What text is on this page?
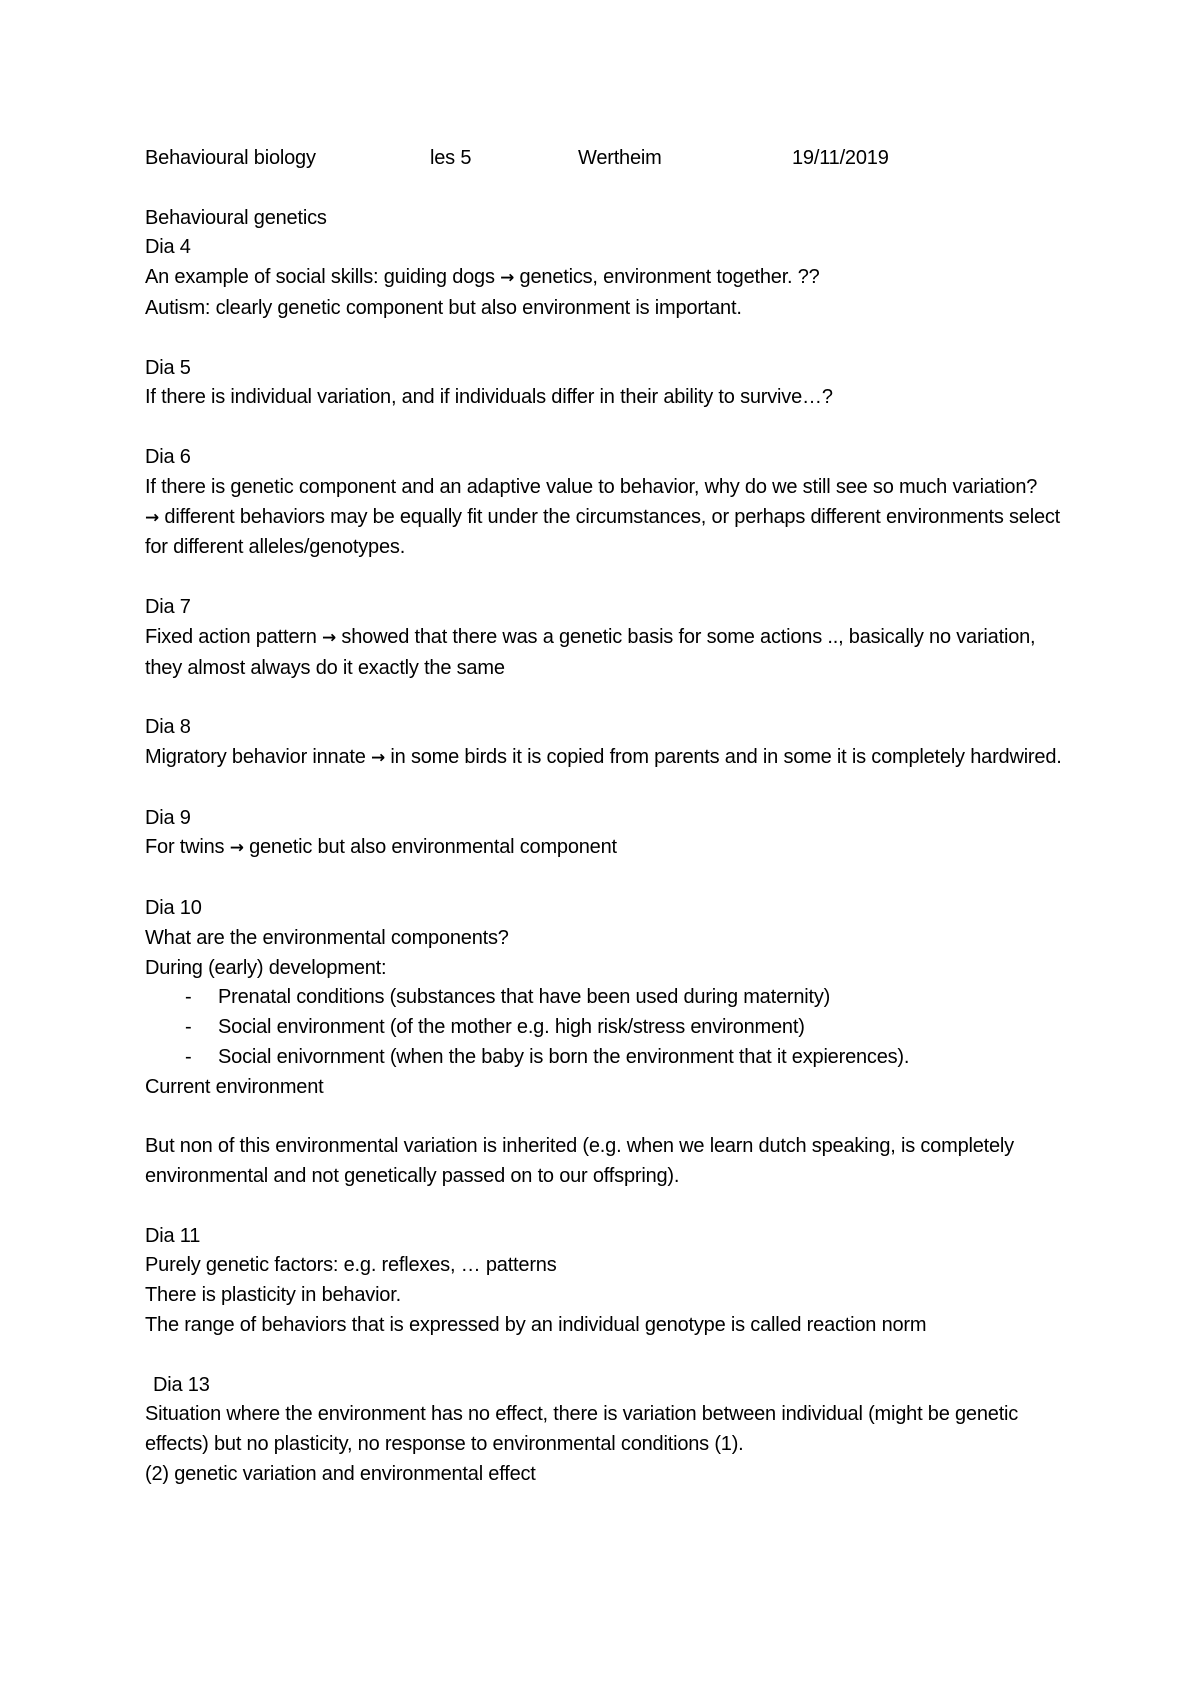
Behavioural biology	les 5	Wertheim	19/11/2019
Behavioural genetics
Dia 4
An example of social skills: guiding dogs → genetics, environment together. ??
Autism: clearly genetic component but also environment is important.
Dia 5
If there is individual variation, and if individuals differ in their ability to survive…?
Dia 6
If there is genetic component and an adaptive value to behavior, why do we still see so much variation?
→ different behaviors may be equally fit under the circumstances, or perhaps different environments select for different alleles/genotypes.
Dia 7
Fixed action pattern → showed that there was a genetic basis for some actions .., basically no variation, they almost always do it exactly the same
Dia 8
Migratory behavior innate → in some birds it is copied from parents and in some it is completely hardwired.
Dia 9
For twins → genetic but also environmental component
Dia 10
What are the environmental components?
During (early) development:
- Prenatal conditions (substances that have been used during maternity)
- Social environment (of the mother e.g. high risk/stress environment)
- Social enivornment (when the baby is born the environment that it expierences).
Current environment
But non of this environmental variation is inherited (e.g. when we learn dutch speaking, is completely environmental and not genetically passed on to our offspring).
Dia 11
Purely genetic factors: e.g. reflexes, … patterns
There is plasticity in behavior.
The range of behaviors that is expressed by an individual genotype is called reaction norm
Dia 13
Situation where the environment has no effect, there is variation between individual (might be genetic effects) but no plasticity, no response to environmental conditions (1).
(2) genetic variation and environmental effect
